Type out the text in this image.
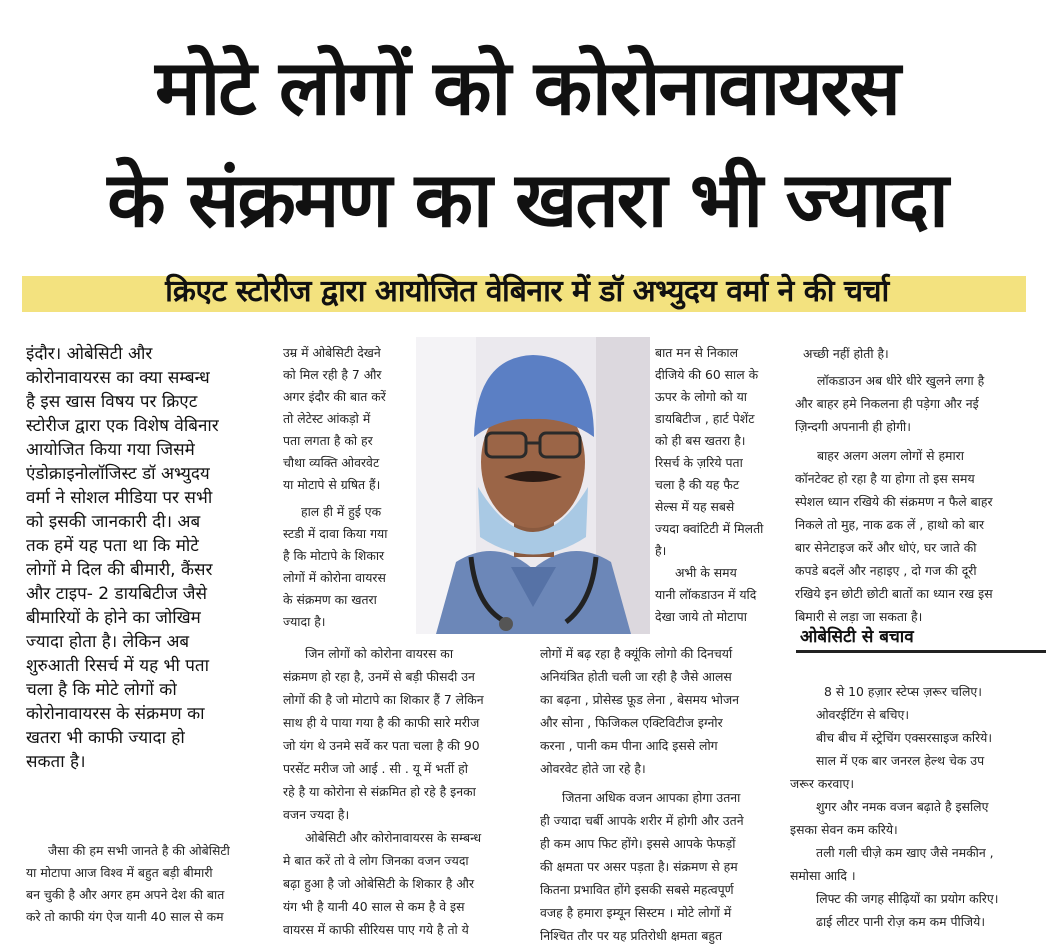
मोटे लोगों को कोरोनावायरस
के संक्रमण का खतरा भी ज्यादा
क्रिएट स्टोरीज द्वारा आयोजित वेबिनार में डॉ अभ्युदय वर्मा ने की चर्चा
इंदौर। ओबेसिटी और
कोरोनावायरस का क्या सम्बन्ध
है इस खास विषय पर क्रिएट
स्टोरीज द्वारा एक विशेष वेबिनार
आयोजित किया गया जिसमे
एंडोक्राइनोलॉजिस्ट डॉ अभ्युदय
वर्मा ने सोशल मीडिया पर सभी
को इसकी जानकारी दी। अब
तक हमें यह पता था कि मोटे
लोगों मे दिल की बीमारी, कैंसर
और टाइप- 2 डायबिटीज जैसे
बीमारियों के होने का जोखिम
ज्यादा होता है। लेकिन अब
शुरुआती रिसर्च में यह भी पता
चला है कि मोटे लोगों को
कोरोनावायरस के संक्रमण का
खतरा भी काफी ज्यादा हो
सकता है।
जैसा की हम सभी जानते है की ओबेसिटी
या मोटापा आज विश्व में बहुत बड़ी बीमारी
बन चुकी है और अगर हम अपने देश की बात
करे तो काफी यंग ऐज यानी 40 साल से कम
उम्र में ओबेसिटी देखने
को मिल रही है 7 और
अगर इंदौर की बात करें
तो लेटेस्ट आंकड़ो में
पता लगता है को हर
चौथा व्यक्ति ओवरवेट
या मोटापे से ग्रषित हैं।
हाल ही में हुई एक
स्टडी में दावा किया गया
है कि मोटापे के शिकार
लोगों में कोरोना वायरस
के संक्रमण का खतरा
ज्यादा है।
जिन लोगों को कोरोना वायरस का
संक्रमण हो रहा है, उनमें से बड़ी फीसदी उन
लोगों की है जो मोटापे का शिकार हैं 7 लेकिन
साथ ही ये पाया गया है की काफी सारे मरीज
जो यंग थे उनमे सर्वे कर पता चला है की 90
परसेंट मरीज जो आई . सी . यू में भर्ती हो
रहे है या कोरोना से संक्रमित हो रहे है इनका
वजन ज्यदा है।
ओबेसिटी और कोरोनावायरस के सम्बन्ध
मे बात करें तो वे लोग जिनका वजन ज्यदा
बढ़ा हुआ है जो ओबेसिटी के शिकार है और
यंग भी है यानी 40 साल से कम है वे इस
वायरस में काफी सीरियस पाए गये है तो ये
बात मन से निकाल
दीजिये की 60 साल के
ऊपर के लोगो को या
डायबिटीज , हार्ट पेशेंट
को ही बस खतरा है।
रिसर्च के ज़रिये पता
चला है की यह फैट
सेल्स में यह सबसे
ज्यदा क्वांटिटी में मिलती
है।
अभी के समय
यानी लॉकडाउन में यदि
देखा जाये तो मोटापा
लोगों में बढ़ रहा है क्यूंकि लोगो की दिनचर्या
अनियंत्रित होती चली जा रही है जैसे आलस
का बढ़ना , प्रोसेस्ड फ़ूड लेना , बेसमय भोजन
और सोना , फिजिकल एक्टिविटीज इग्नोर
करना , पानी कम पीना आदि इससे लोग
ओवरवेट होते जा रहे है।
जितना अधिक वजन आपका होगा उतना
ही ज्यादा चर्बी आपके शरीर में होगी और उतने
ही कम आप फिट होंगे। इससे आपके फेफड़ों
की क्षमता पर असर पड़ता है। संक्रमण से हम
कितना प्रभावित होंगे इसकी सबसे महत्वपूर्ण
वजह है हमारा इम्यून सिस्टम । मोटे लोगों में
निश्चित तौर पर यह प्रतिरोधी क्षमता बहुत
अच्छी नहीं होती है।
लॉकडाउन अब धीरे धीरे खुलने लगा है
और बाहर हमे निकलना ही पड़ेगा और नई
ज़िन्दगी अपनानी ही होगी।
बाहर अलग अलग लोगों से हमारा
कॉनटेक्ट हो रहा है या होगा तो इस समय
स्पेशल ध्यान रखिये की संक्रमण न फैले बाहर
निकले तो मुह, नाक ढक लें , हाथो को बार
बार सेनेटाइज करें और धोएं, घर जाते की
कपडे बदलें और नहाइए , दो गज की दूरी
रखिये इन छोटी छोटी बातों का ध्यान रख इस
बिमारी से लड़ा जा सकता है।
ओबेसिटी से बचाव
8 से 10 हज़ार स्टेप्स ज़रूर चलिए।
ओवरईटिंग से बचिए।
बीच बीच में स्ट्रेचिंग एक्सरसाइज करिये।
साल में एक बार जनरल हेल्थ चेक उप
जरूर करवाए।
शुगर और नमक वजन बढ़ाते है इसलिए
इसका सेवन कम करिये।
तली गली चीज़े कम खाए जैसे नमकीन ,
समोसा आदि ।
लिफ्ट की जगह सीढ़ियों का प्रयोग करिए।
ढाई लीटर पानी रोज़ कम कम पीजिये।
